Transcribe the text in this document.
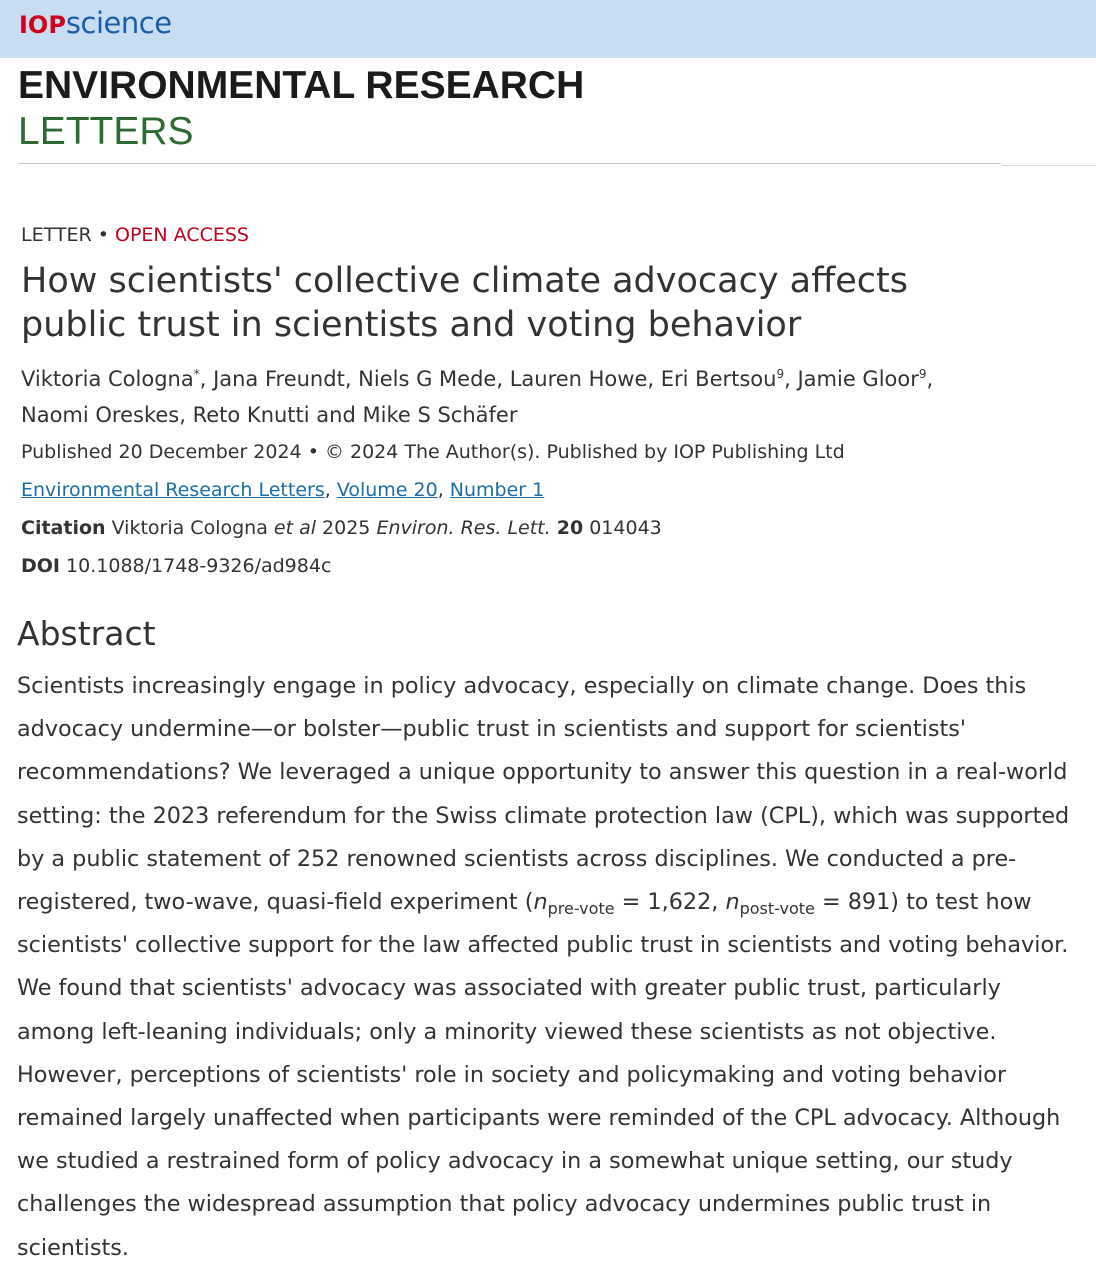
IOPscience
ENVIRONMENTAL RESEARCH
LETTERS
LETTER • OPEN ACCESS
How scientists' collective climate advocacy affects public trust in scientists and voting behavior
Viktoria Cologna*, Jana Freundt, Niels G Mede, Lauren Howe, Eri Bertsou$^9$, Jamie Gloor$^9$,
Naomi Oreskes, Reto Knutti and Mike S Schäfer
Published 20 December 2024 • © 2024 The Author(s). Published by IOP Publishing Ltd
Environmental Research Letters, Volume 20, Number 1
Citation Viktoria Cologna et al 2025 Environ. Res. Lett. 20 014043
DOI 10.1088/1748-9326/ad984c
Abstract
Scientists increasingly engage in policy advocacy, especially on climate change. Does this advocacy undermine—or bolster—public trust in scientists and support for scientists' recommendations? We leveraged a unique opportunity to answer this question in a real-world setting: the 2023 referendum for the Swiss climate protection law (CPL), which was supported by a public statement of 252 renowned scientists across disciplines. We conducted a pre-registered, two-wave, quasi-field experiment ($n_{pre-vote} = 1,622$, $n_{post-vote} = 891$) to test how scientists' collective support for the law affected public trust in scientists and voting behavior. We found that scientists' advocacy was associated with greater public trust, particularly among left-leaning individuals; only a minority viewed these scientists as not objective. However, perceptions of scientists' role in society and policymaking and voting behavior remained largely unaffected when participants were reminded of the CPL advocacy. Although we studied a restrained form of policy advocacy in a somewhat unique setting, our study challenges the widespread assumption that policy advocacy undermines public trust in scientists.
